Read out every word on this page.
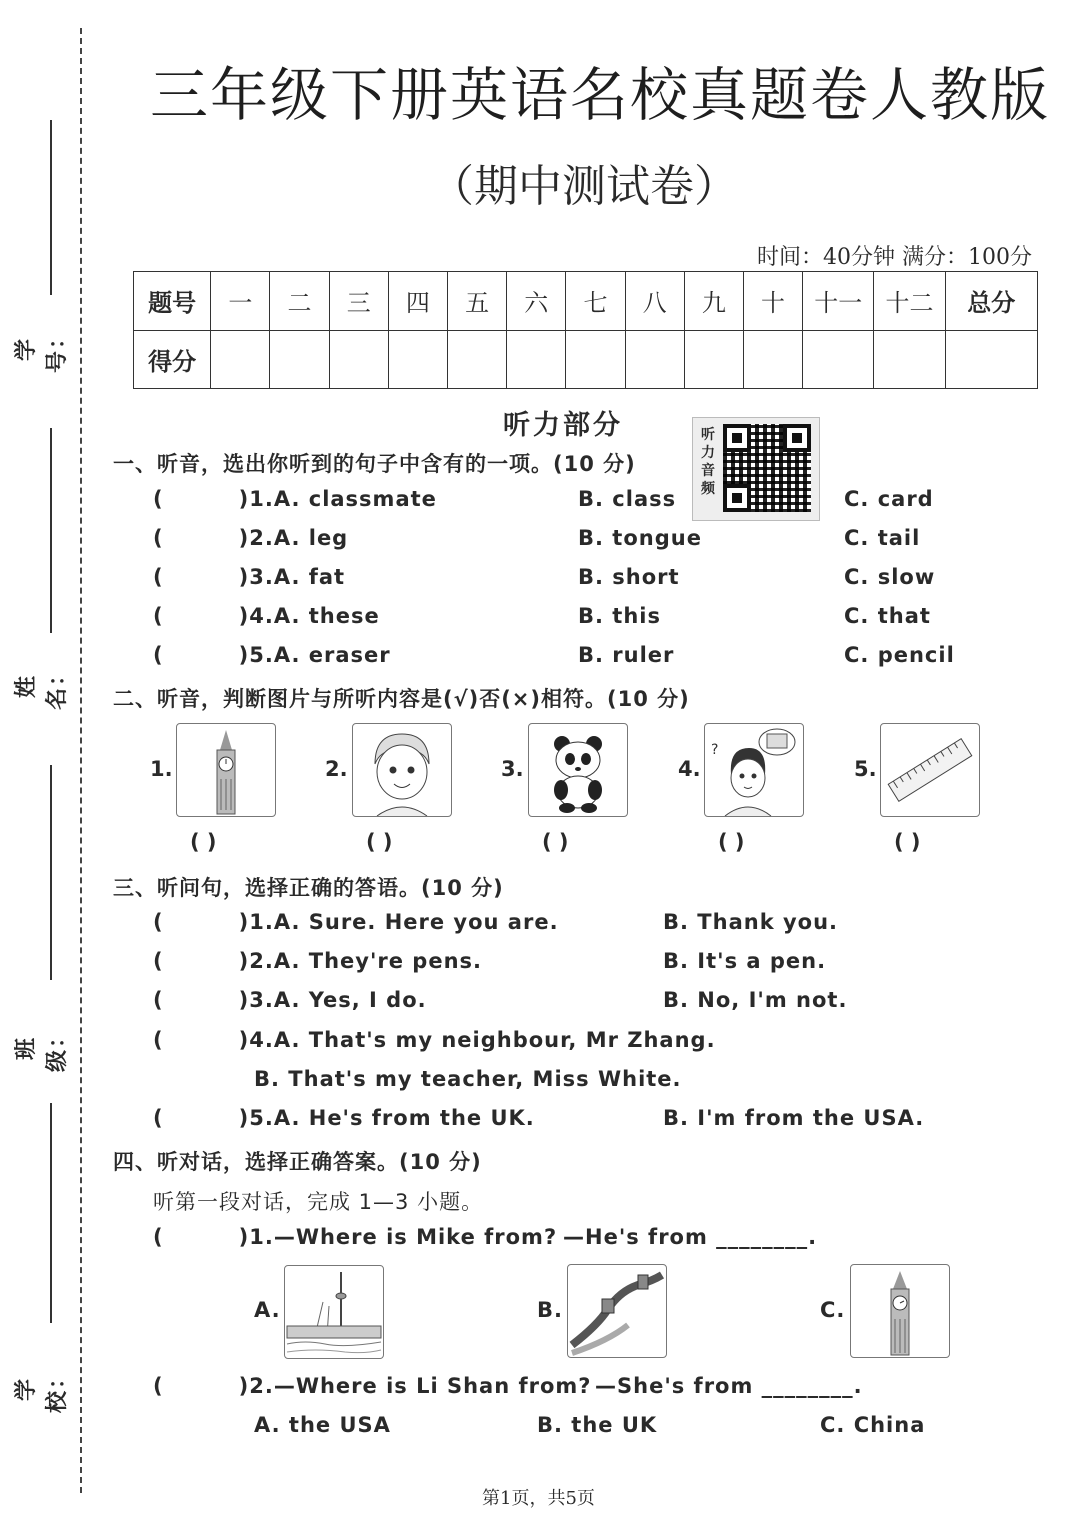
学号：
姓名：
班级：
学校：
三年级下册英语名校真题卷人教版
（期中测试卷）
时间：40分钟 满分：100分
题号	一	二	三	四	五	六	七	八	九	十	十一	十二	总分
得分													
听力部分	听力音频
一、听音，选出你听到的句子中含有的一项。(10 分)
(	)1.A. classmate	B. class	C. card
(	)2.A. leg	B. tongue	C. tail
(	)3.A. fat	B. short	C. slow
(	)4.A. these	B. this	C. that
(	)5.A. eraser	B. ruler	C. pencil
二、听音，判断图片与所听内容是(√)否(×)相符。(10 分)
1.
( )
2.
( )
3.
( )
4.
?
( )
5.
( )
三、听问句，选择正确的答语。(10 分)
(	)1.A. Sure. Here you are.	B. Thank you.
(	)2.A. They're pens.	B. It's a pen.
(	)3.A. Yes, I do.	B. No, I'm not.
(	)4.A. That's my neighbour, Mr Zhang.
B. That's my teacher, Miss White.
(	)5.A. He's from the UK.	B. I'm from the USA.
四、听对话，选择正确答案。(10 分)
听第一段对话，完成 1—3 小题。
(	)1.—Where is Mike from? —He's from ________.
A.	B.	C.
(	)2.—Where is Li Shan from? —She's from ________.
A. the USA	B. the UK	C. China
第1页，共5页
